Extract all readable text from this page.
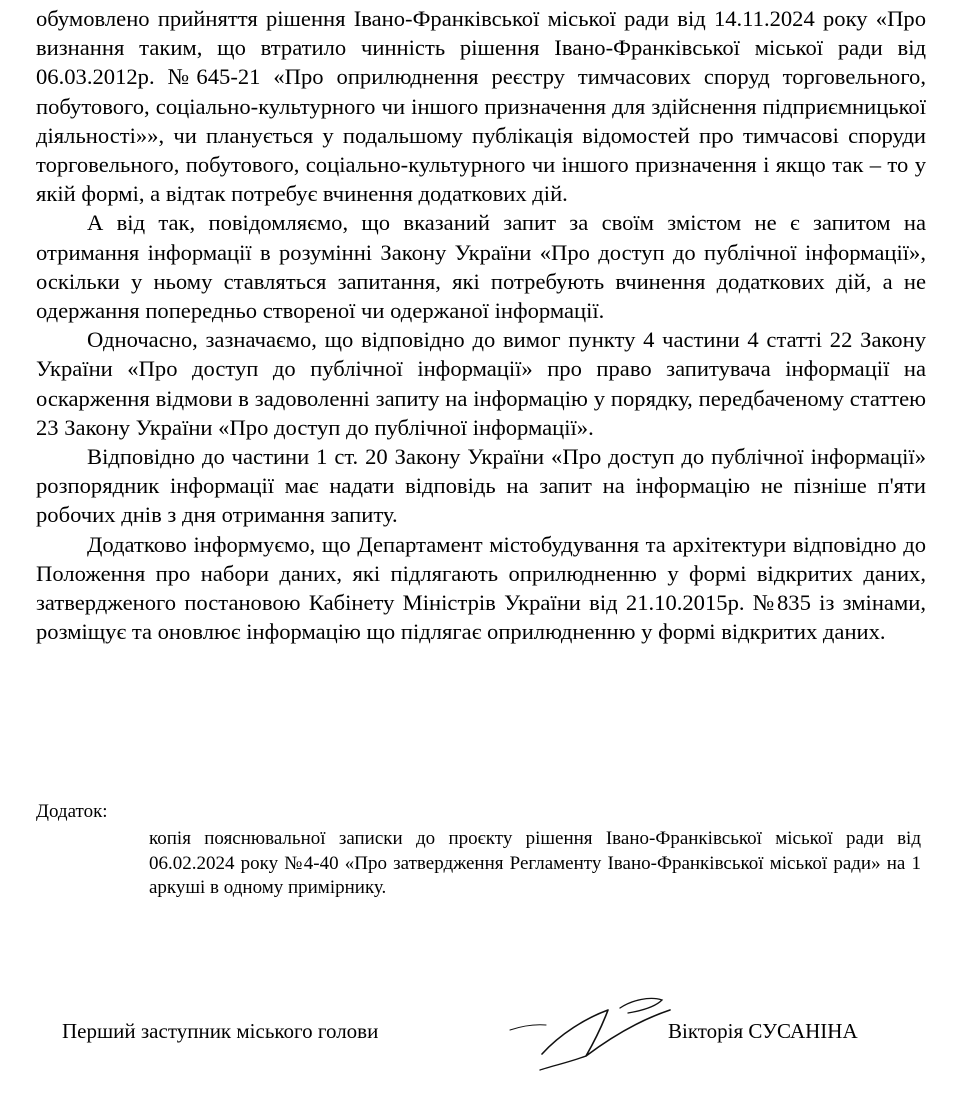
обумовлено прийняття рішення Івано-Франківської міської ради від 14.11.2024 року «Про визнання таким, що втратило чинність рішення Івано-Франківської міської ради від 06.03.2012р. №645-21 «Про оприлюднення реєстру тимчасових споруд торговельного, побутового, соціально-культурного чи іншого призначення для здійснення підприємницької діяльності»», чи планується у подальшому публікація відомостей про тимчасові споруди торговельного, побутового, соціально-культурного чи іншого призначення і якщо так – то у якій формі, а відтак потребує вчинення додаткових дій.

А від так, повідомляємо, що вказаний запит за своїм змістом не є запитом на отримання інформації в розумінні Закону України «Про доступ до публічної інформації», оскільки у ньому ставляться запитання, які потребують вчинення додаткових дій, а не одержання попередньо створеної чи одержаної інформації.

Одночасно, зазначаємо, що відповідно до вимог пункту 4 частини 4 статті 22 Закону України «Про доступ до публічної інформації» про право запитувача інформації на оскарження відмови в задоволенні запиту на інформацію у порядку, передбаченому статтею 23 Закону України «Про доступ до публічної інформації».

Відповідно до частини 1 ст. 20 Закону України «Про доступ до публічної інформації» розпорядник інформації має надати відповідь на запит на інформацію не пізніше п'яти робочих днів з дня отримання запиту.

Додатково інформуємо, що Департамент містобудування та архітектури відповідно до Положення про набори даних, які підлягають оприлюдненню у формі відкритих даних, затвердженого постановою Кабінету Міністрів України від 21.10.2015р. №835 із змінами, розміщує та оновлює інформацію що підлягає оприлюдненню у формі відкритих даних.

Додаток:

копія пояснювальної записки до проєкту рішення Івано-Франківської міської ради від 06.02.2024 року №4-40 «Про затвердження Регламенту Івано-Франківської міської ради» на 1 аркуші в одному примірнику.

Перший заступник міського голови	Вікторія СУСАНІНА
